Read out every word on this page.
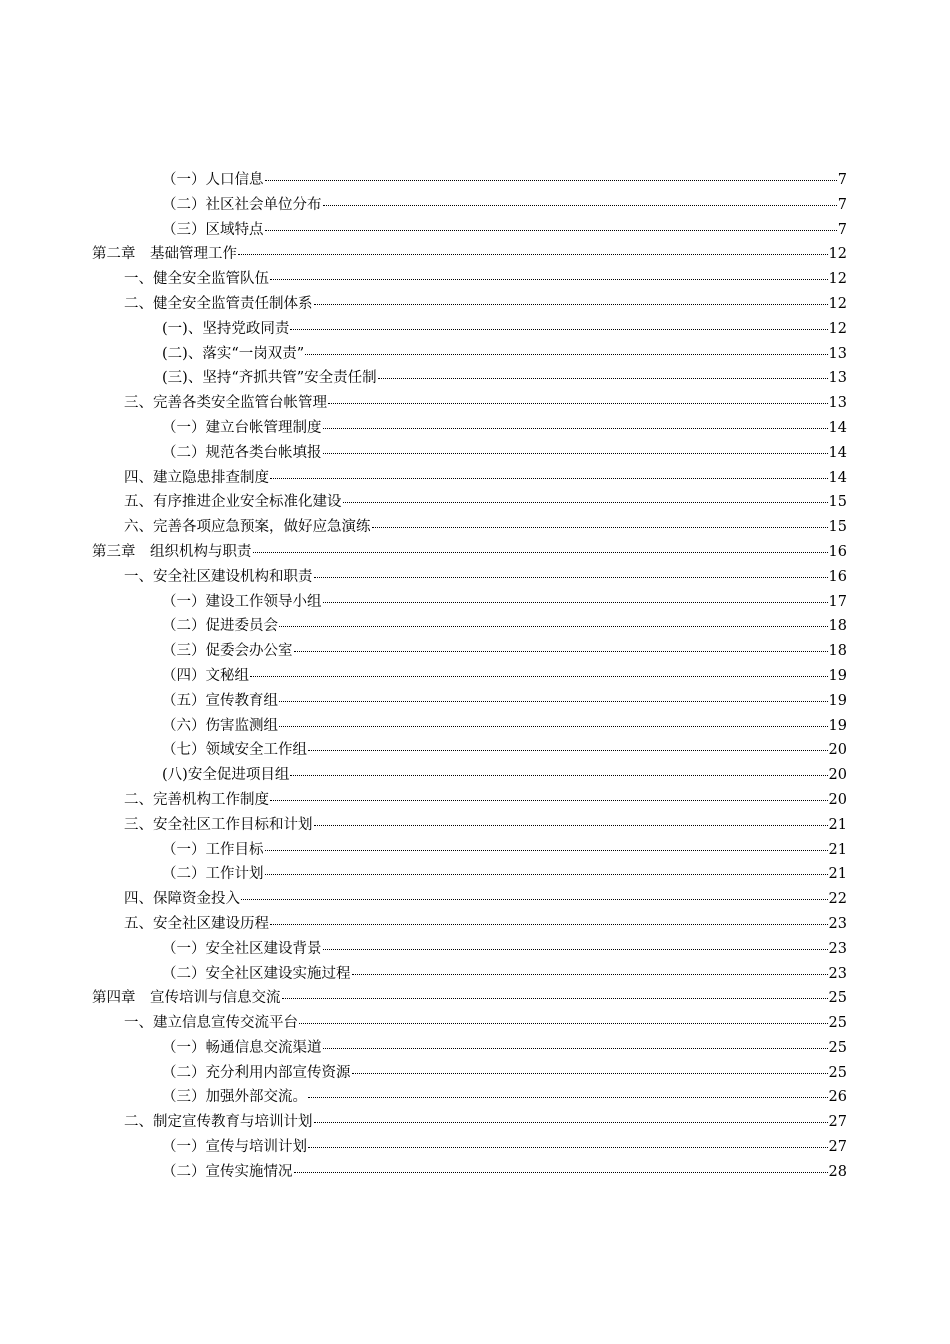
（一）人口信息	7
（二）社区社会单位分布	7
（三）区域特点	7
第二章　基础管理工作	12
一、健全安全监管队伍	12
二、健全安全监管责任制体系	12
(一)、坚持党政同责	12
(二)、落实“一岗双责”	13
(三)、坚持“齐抓共管”安全责任制	13
三、完善各类安全监管台帐管理	13
（一）建立台帐管理制度	14
（二）规范各类台帐填报	14
四、建立隐患排查制度	14
五、有序推进企业安全标准化建设	15
六、完善各项应急预案，做好应急演练	15
第三章　组织机构与职责	16
一、安全社区建设机构和职责	16
（一）建设工作领导小组	17
（二）促进委员会	18
（三）促委会办公室	18
（四）文秘组	19
（五）宣传教育组	19
（六）伤害监测组	19
（七）领域安全工作组	20
(八)安全促进项目组	20
二、完善机构工作制度	20
三、安全社区工作目标和计划	21
（一）工作目标	21
（二）工作计划	21
四、保障资金投入	22
五、安全社区建设历程	23
（一）安全社区建设背景	23
（二）安全社区建设实施过程	23
第四章　宣传培训与信息交流	25
一、建立信息宣传交流平台	25
（一）畅通信息交流渠道	25
（二）充分利用内部宣传资源	25
（三）加强外部交流。	26
二、制定宣传教育与培训计划	27
（一）宣传与培训计划	27
（二）宣传实施情况	28
